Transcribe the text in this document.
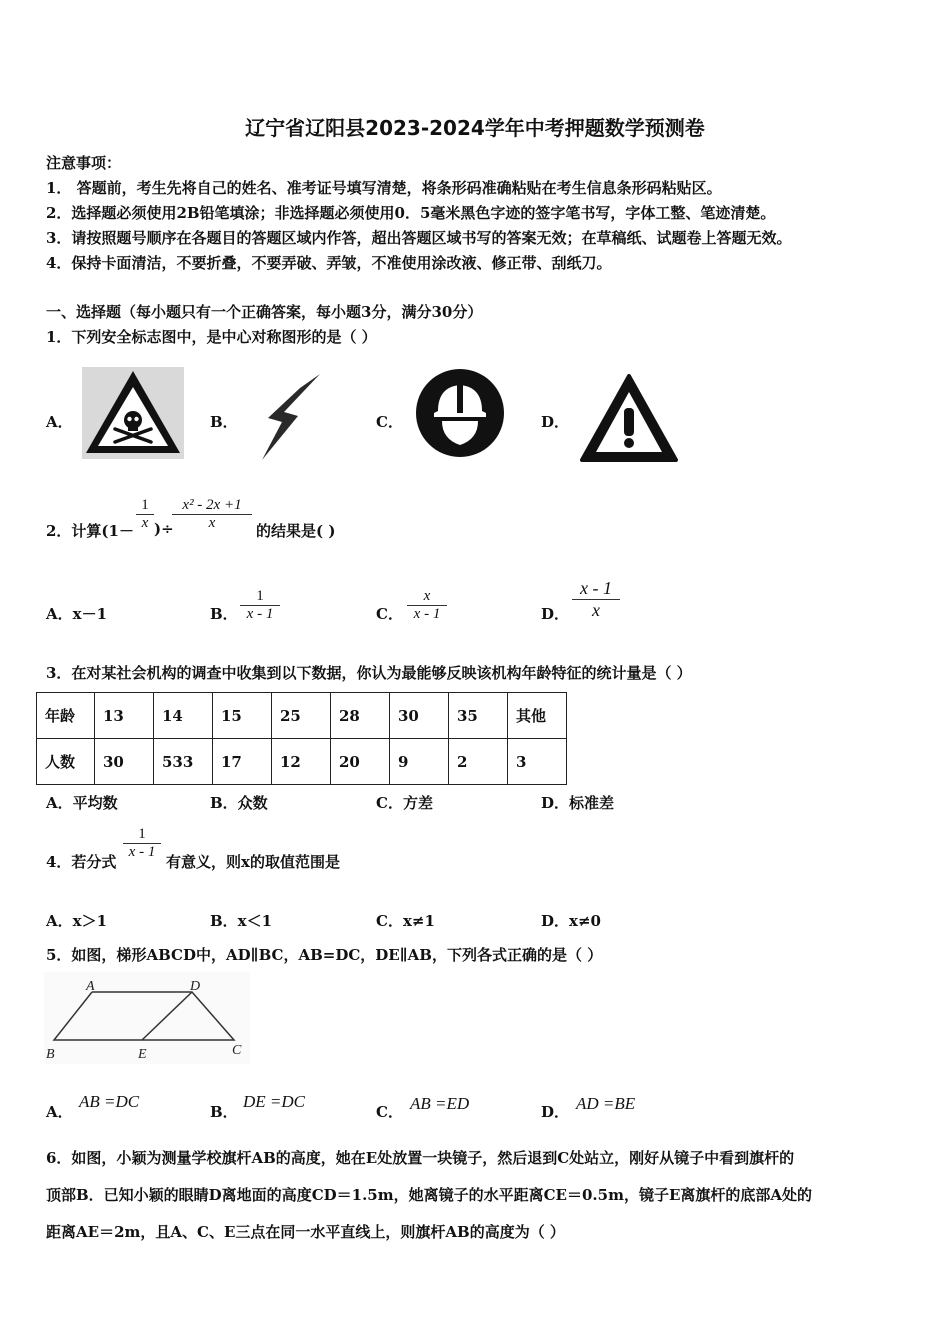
辽宁省辽阳县2023-2024学年中考押题数学预测卷
注意事项：
1． 答题前，考生先将自己的姓名、准考证号填写清楚，将条形码准确粘贴在考生信息条形码粘贴区。
2．选择题必须使用2B铅笔填涂；非选择题必须使用0．5毫米黑色字迹的签字笔书写，字体工整、笔迹清楚。
3．请按照题号顺序在各题目的答题区域内作答，超出答题区域书写的答案无效；在草稿纸、试题卷上答题无效。
4．保持卡面清洁，不要折叠，不要弄破、弄皱，不准使用涂改液、修正带、刮纸刀。
一、选择题（每小题只有一个正确答案，每小题3分，满分30分）
1．下列安全标志图中，是中心对称图形的是（ ）
A．	B．	C．	D．
2．计算($1- \frac{1}{x}$ )÷
$\frac{\text{x² - 2x +1}}{x}$ 的结果是( )
A．x－1	B． $\frac{1}{x - 1}$	C． $\frac{x}{x - 1}$	D． $\frac{x - 1}{x}$
3．在对某社会机构的调查中收集到以下数据，你认为最能够反映该机构年龄特征的统计量是（ ）
年龄	13	14	15	25	28	30	35	其他
人数	30	533	17	12	20	9	2	3
A．平均数	B．众数	C．方差	D．标准差
4．若分式
$\frac{1}{x - 1}$
有意义，则x的取值范围是
A．x＞1	B．x＜1	C．x≠1	D．x≠0
5．如图，梯形ABCD中，AD∥BC，AB=DC，DE∥AB，下列各式正确的是（ ）
A	D
B	E	C
A．
AB =DC
B．
DE =DC
C． AB =ED	D． AD =BE
6．如图，小颖为测量学校旗杆AB的高度，她在E处放置一块镜子，然后退到C处站立，刚好从镜子中看到旗杆的
顶部B．已知小颖的眼睛D离地面的高度CD＝1.5m，她离镜子的水平距离CE＝0.5m，镜子E离旗杆的底部A处的
距离AE＝2m，且A、C、E三点在同一水平直线上，则旗杆AB的高度为（ ）
